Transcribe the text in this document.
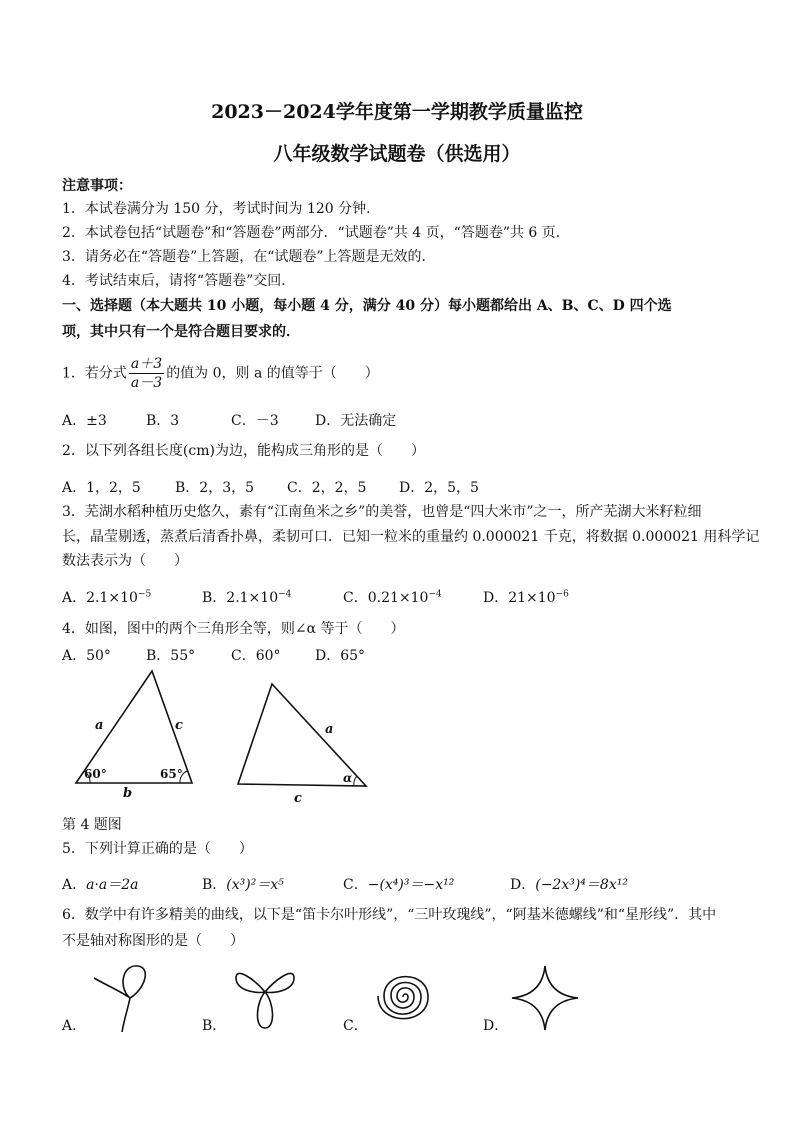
2023－2024学年度第一学期教学质量监控
八年级数学试题卷（供选用）
注意事项：
1．本试卷满分为 150 分，考试时间为 120 分钟．
2．本试卷包括“试题卷”和“答题卷”两部分．“试题卷”共 4 页，“答题卷”共 6 页．
3．请务必在“答题卷”上答题，在“试题卷”上答题是无效的．
4．考试结束后，请将“答题卷”交回．
一、选择题（本大题共 10 小题，每小题 4 分，满分 40 分）每小题都给出 A、B、C、D 四个选
项，其中只有一个是符合题目要求的．
1．若分式 $\frac{a+3}{a-3}$ 的值为 0，则 a 的值等于（　　）
A．±3	B．3	C．－3	D．无法确定
2．以下列各组长度(cm)为边，能构成三角形的是（　　）
A．1，2，5 B．2，3，5 C．2，2，5 D．2，5，5
3．芜湖水稻种植历史悠久，素有“江南鱼米之乡”的美誉，也曾是“四大米市”之一，所产芜湖大米籽粒细
长，晶莹剔透，蒸煮后清香扑鼻，柔韧可口．已知一粒米的重量约 0.000021 千克，将数据 0.000021 用科学记
数法表示为（　　）
A．$2.1\times 10^{-5}$	B．$2.1\times 10^{-4}$	C．$0.21\times 10^{-4}$	D．$21\times 10^{-6}$
4．如图，图中的两个三角形全等，则∠α 等于（　　）
A．50°	B．55°	C．60° D．65°
a	c
b
60°	65°
a
c
α
第 4 题图
5．下列计算正确的是（　　）
A．a·a＝2a	B．(x³)²＝x⁵	C．−(x⁴)³＝−x¹²	D．(−2x³)⁴＝8x¹²
6．数学中有许多精美的曲线，以下是“笛卡尔叶形线”，“三叶玫瑰线”，“阿基米德螺线”和“星形线”．其中
不是轴对称图形的是（　　）
A．	B．	C．	D．
